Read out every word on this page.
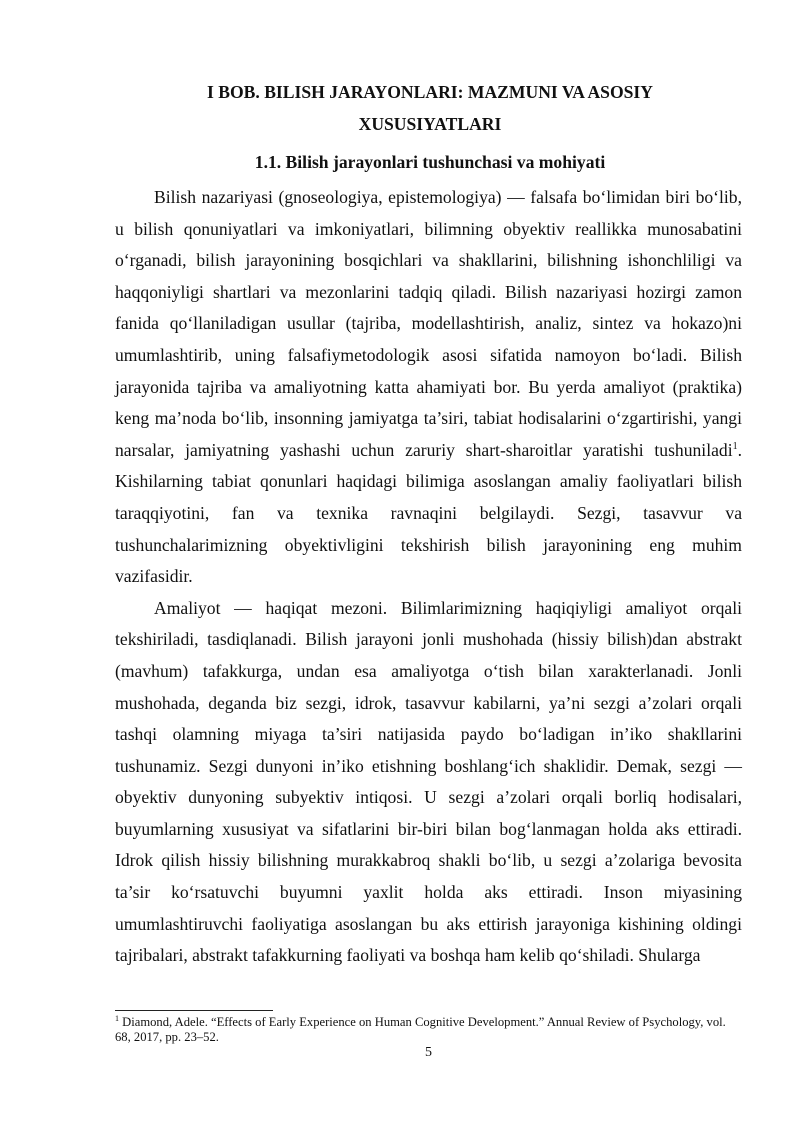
I BOB. BILISH JARAYONLARI: MAZMUNI VA ASOSIY
XUSUSIYATLARI
1.1. Bilish jarayonlari tushunchasi va mohiyati

Bilish nazariyasi (gnoseologiya, epistemologiya) — falsafa bo‘limidan biri bo‘lib, u bilish qonuniyatlari va imkoniyatlari, bilimning obyektiv reallikka munosabatini o‘rganadi, bilish jarayonining bosqichlari va shakllarini, bilishning ishonchliligi va haqqoniyligi shartlari va mezonlarini tadqiq qiladi. Bilish nazariyasi hozirgi zamon fanida qo‘llaniladigan usullar (tajriba, modellashtirish, analiz, sintez va hokazo)ni umumlashtirib, uning falsafiymetodologik asosi sifatida namoyon bo‘ladi. Bilish jarayonida tajriba va amaliyotning katta ahamiyati bor. Bu yerda amaliyot (praktika) keng ma’noda bo‘lib, insonning jamiyatga ta’siri, tabiat hodisalarini o‘zgartirishi, yangi narsalar, jamiyatning yashashi uchun zaruriy shart-sharoitlar yaratishi tushuniladi$^1$. Kishilarning tabiat qonunlari haqidagi bilimiga asoslangan amaliy faoliyatlari bilish taraqqiyotini, fan va texnika ravnaqini belgilaydi. Sezgi, tasavvur va tushunchalarimizning obyektivligini tekshirish bilish jarayonining eng muhim vazifasidir.

Amaliyot — haqiqat mezoni. Bilimlarimizning haqiqiyligi amaliyot orqali tekshiriladi, tasdiqlanadi. Bilish jarayoni jonli mushohada (hissiy bilish)dan abstrakt (mavhum) tafakkurga, undan esa amaliyotga o‘tish bilan xarakterlanadi. Jonli mushohada, deganda biz sezgi, idrok, tasavvur kabilarni, ya’ni sezgi a’zolari orqali tashqi olamning miyaga ta’siri natijasida paydo bo‘ladigan in’iko shakllarini tushunamiz. Sezgi dunyoni in’iko etishning boshlang‘ich shaklidir. Demak, sezgi — obyektiv dunyoning subyektiv intiqosi. U sezgi a’zolari orqali borliq hodisalari, buyumlarning xususiyat va sifatlarini bir-biri bilan bog‘lanmagan holda aks ettiradi. Idrok qilish hissiy bilishning murakkabroq shakli bo‘lib, u sezgi a’zolariga bevosita ta’sir ko‘rsatuvchi buyumni yaxlit holda aks ettiradi. Inson miyasining umumlashtiruvchi faoliyatiga asoslangan bu aks ettirish jarayoniga kishining oldingi tajribalari, abstrakt tafakkurning faoliyati va boshqa ham kelib qo‘shiladi. Shularga

$^1$ Diamond, Adele. “Effects of Early Experience on Human Cognitive Development.” Annual Review of Psychology, vol. 68, 2017, pp. 23–52.

5
